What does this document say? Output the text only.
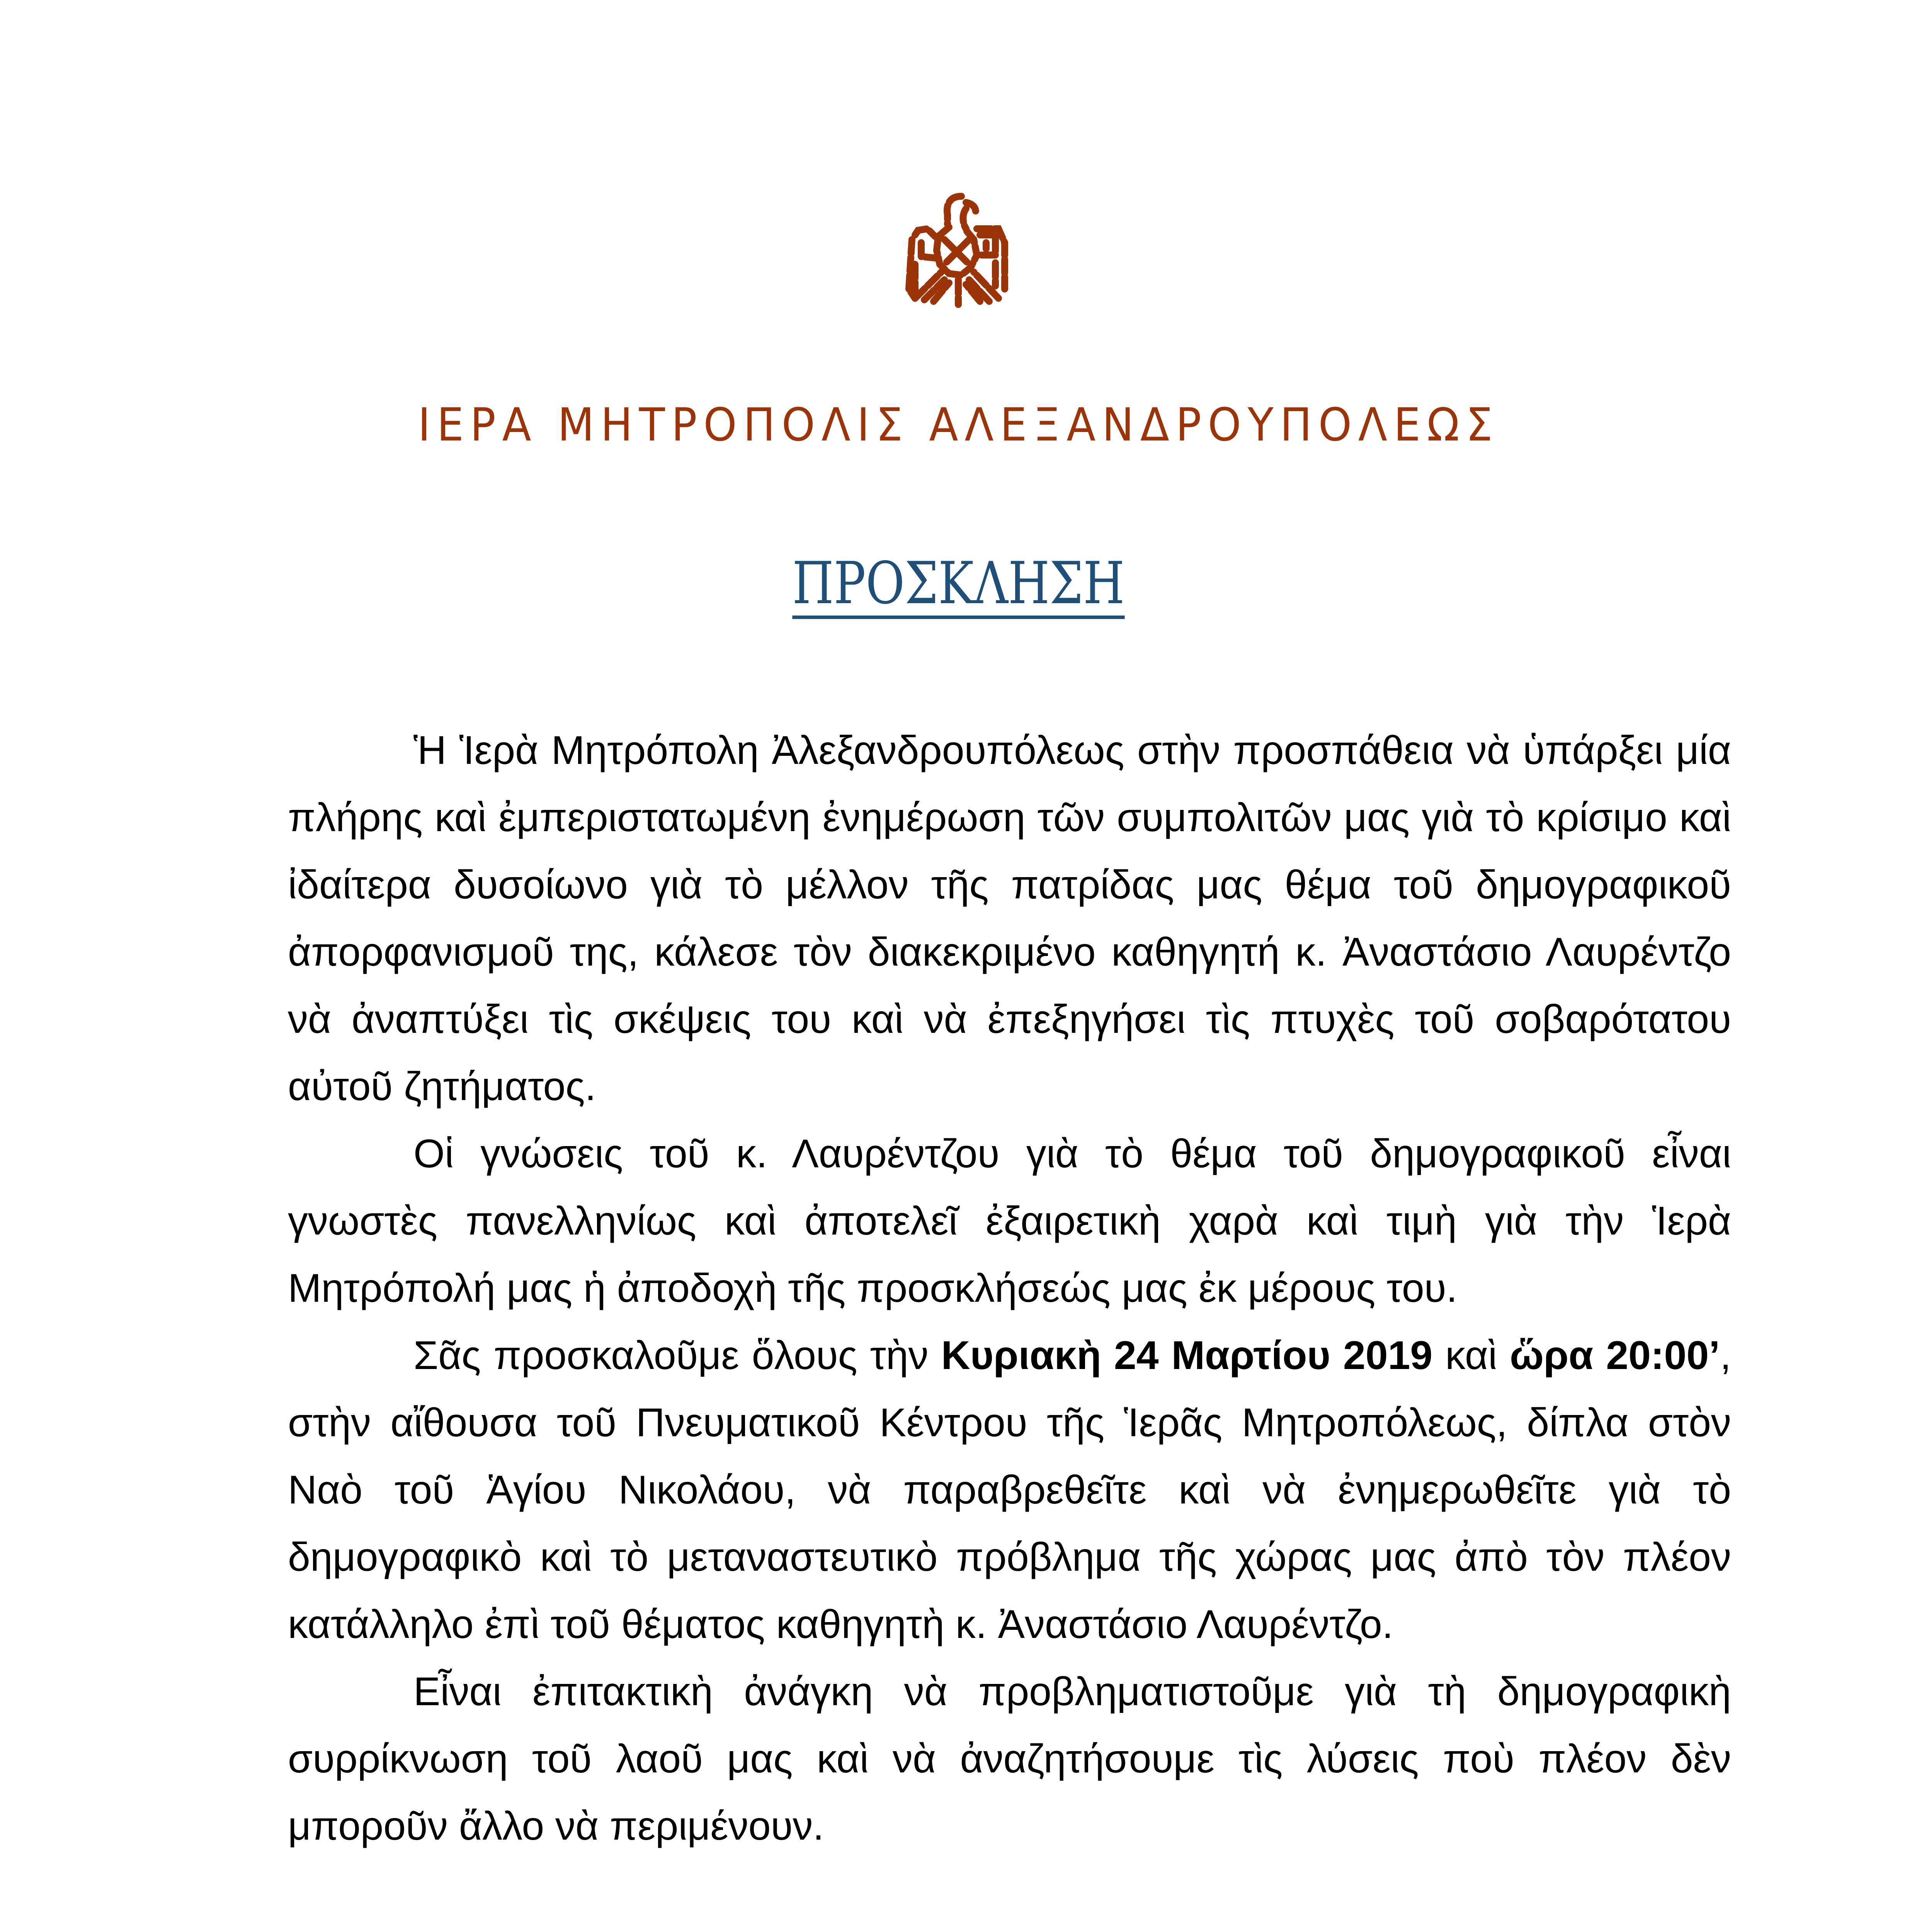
ΙΕΡΑ ΜΗΤΡΟΠΟΛΙΣ ΑΛΕΞΑΝΔΡΟΥΠΟΛΕΩΣ
ΠΡΟΣΚΛΗΣΗ

Ἡ Ἱερὰ Μητρόπολη Ἀλεξανδρουπόλεως στὴν προσπάθεια νὰ ὑπάρξει μία πλήρης καὶ ἐμπεριστατωμένη ἐνημέρωση τῶν συμπολιτῶν μας γιὰ τὸ κρίσιμο καὶ ἰδαίτερα δυσοίωνο γιὰ τὸ μέλλον τῆς πατρίδας μας θέμα τοῦ δημογραφικοῦ ἀπορφανισμοῦ της, κάλεσε τὸν διακεκριμένο καθηγητή κ. Ἀναστάσιο Λαυρέντζο νὰ ἀναπτύξει τὶς σκέψεις του καὶ νὰ ἐπεξηγήσει τὶς πτυχὲς τοῦ σοβαρότατου αὐτοῦ ζητήματος.

Οἱ γνώσεις τοῦ κ. Λαυρέντζου γιὰ τὸ θέμα τοῦ δημογραφικοῦ εἶναι γνωστὲς πανελληνίως καὶ ἀποτελεῖ ἐξαιρετικὴ χαρὰ καὶ τιμὴ γιὰ τὴν Ἱερὰ Μητρόπολή μας ἡ ἀποδοχὴ τῆς προσκλήσεώς μας ἐκ μέρους του.

Σᾶς προσκαλοῦμε ὅλους τὴν Κυριακὴ 24 Μαρτίου 2019 καὶ ὥρα 20:00’, στὴν αἴθουσα τοῦ Πνευματικοῦ Κέντρου τῆς Ἱερᾶς Μητροπόλεως, δίπλα στὸν Ναὸ τοῦ Ἁγίου Νικολάου, νὰ παραβρεθεῖτε καὶ νὰ ἐνημερωθεῖτε γιὰ τὸ δημογραφικὸ καὶ τὸ μεταναστευτικὸ πρόβλημα τῆς χώρας μας ἀπὸ τὸν πλέον κατάλληλο ἐπὶ τοῦ θέματος καθηγητὴ κ. Ἀναστάσιο Λαυρέντζο.

Εἶναι ἐπιτακτικὴ ἀνάγκη νὰ προβληματιστοῦμε γιὰ τὴ δημογραφικὴ συρρίκνωση τοῦ λαοῦ μας καὶ νὰ ἀναζητήσουμε τὶς λύσεις ποὺ πλέον δὲν μποροῦν ἄλλο νὰ περιμένουν.
